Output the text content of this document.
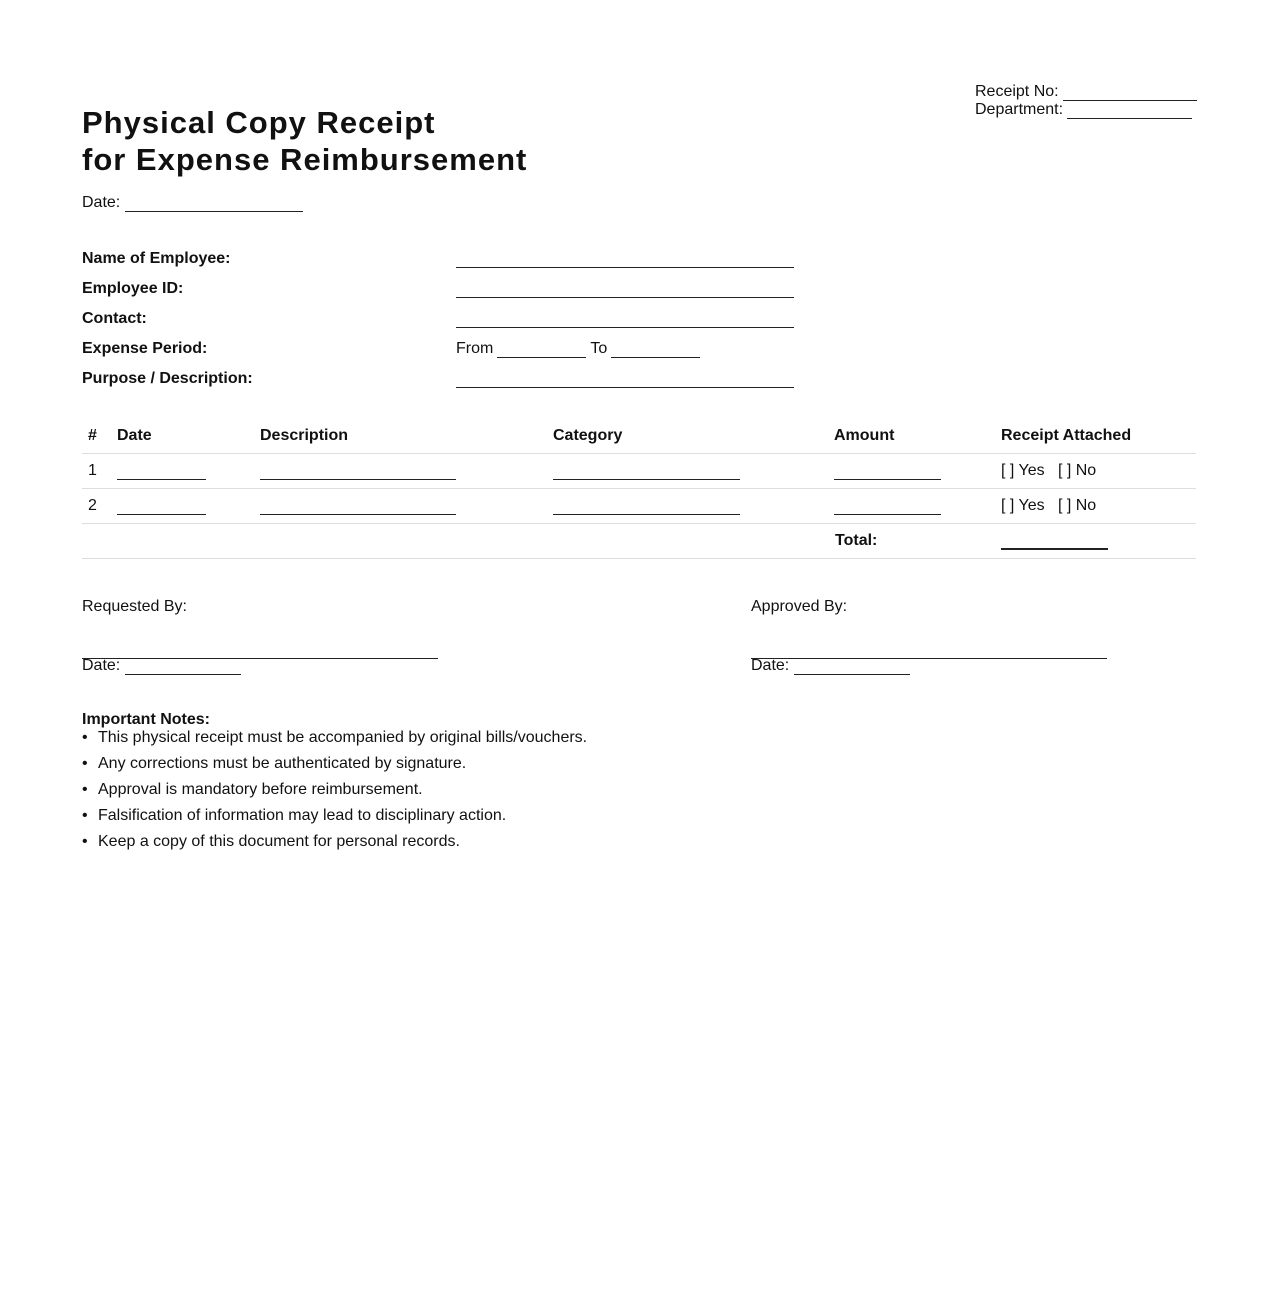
Physical Copy Receipt
for Expense Reimbursement
Receipt No:
Department:
Date:
Name of Employee:
Employee ID:
Contact:
Expense Period:	From	To
Purpose / Description:
#	Date	Description	Category	Amount	Receipt Attached
1					[ ] Yes [ ] No
2					[ ] Yes [ ] No
				Total:	
Requested By:
Date:
Approved By:
Date:
Important Notes:
• This physical receipt must be accompanied by original bills/vouchers.
• Any corrections must be authenticated by signature.
• Approval is mandatory before reimbursement.
• Falsification of information may lead to disciplinary action.
• Keep a copy of this document for personal records.
